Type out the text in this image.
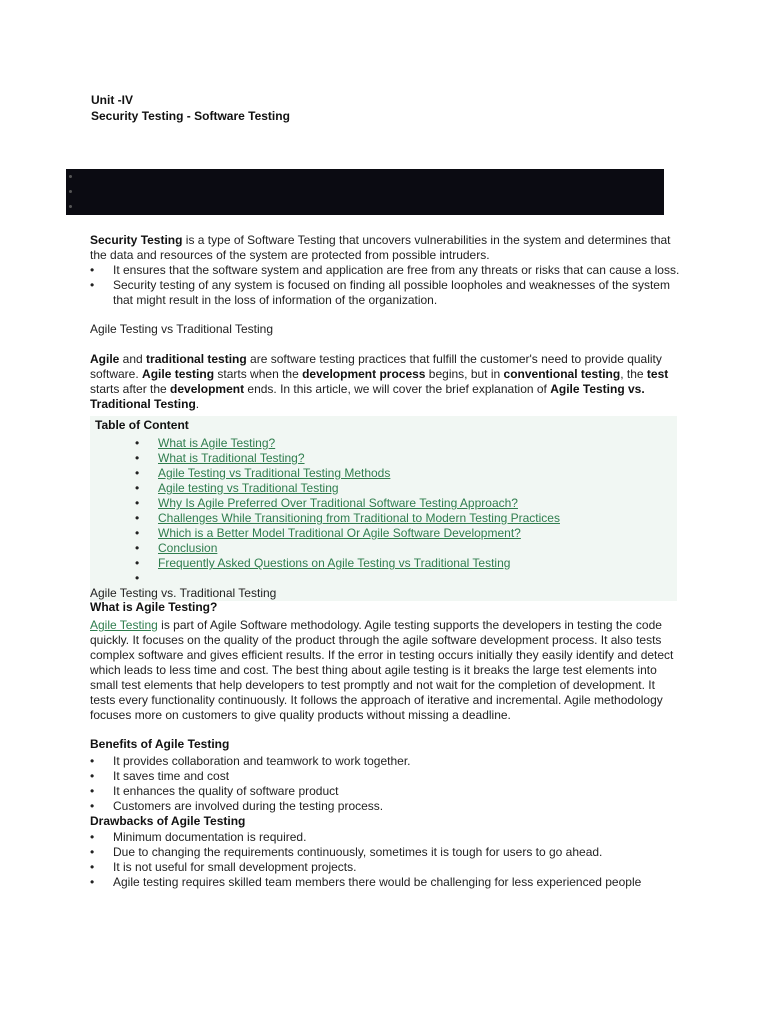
Unit -IV
Security Testing - Software Testing
Security Testing is a type of Software Testing that uncovers vulnerabilities in the system and determines that the data and resources of the system are protected from possible intruders.
• It ensures that the software system and application are free from any threats or risks that can cause a loss.
• Security testing of any system is focused on finding all possible loopholes and weaknesses of the system that might result in the loss of information of the organization.
Agile Testing vs Traditional Testing

Agile and traditional testing are software testing practices that fulfill the customer's need to provide quality software. Agile testing starts when the development process begins, but in conventional testing, the test starts after the development ends. In this article, we will cover the brief explanation of Agile Testing vs. Traditional Testing.

Table of Content
• What is Agile Testing?
• What is Traditional Testing?
• Agile Testing vs Traditional Testing Methods
• Agile testing vs Traditional Testing
• Why Is Agile Preferred Over Traditional Software Testing Approach?
• Challenges While Transitioning from Traditional to Modern Testing Practices
• Which is a Better Model Traditional Or Agile Software Development?
• Conclusion
• Frequently Asked Questions on Agile Testing vs Traditional Testing
•
Agile Testing vs. Traditional Testing
What is Agile Testing?

Agile Testing is part of Agile Software methodology. Agile testing supports the developers in testing the code quickly. It focuses on the quality of the product through the agile software development process. It also tests complex software and gives efficient results. If the error in testing occurs initially they easily identify and detect which leads to less time and cost. The best thing about agile testing is it breaks the large test elements into small test elements that help developers to test promptly and not wait for the completion of development. It tests every functionality continuously. It follows the approach of iterative and incremental. Agile methodology focuses more on customers to give quality products without missing a deadline.

Benefits of Agile Testing
• It provides collaboration and teamwork to work together.
• It saves time and cost
• It enhances the quality of software product
• Customers are involved during the testing process.
Drawbacks of Agile Testing
• Minimum documentation is required.
• Due to changing the requirements continuously, sometimes it is tough for users to go ahead.
• It is not useful for small development projects.
• Agile testing requires skilled team members there would be challenging for less experienced people
